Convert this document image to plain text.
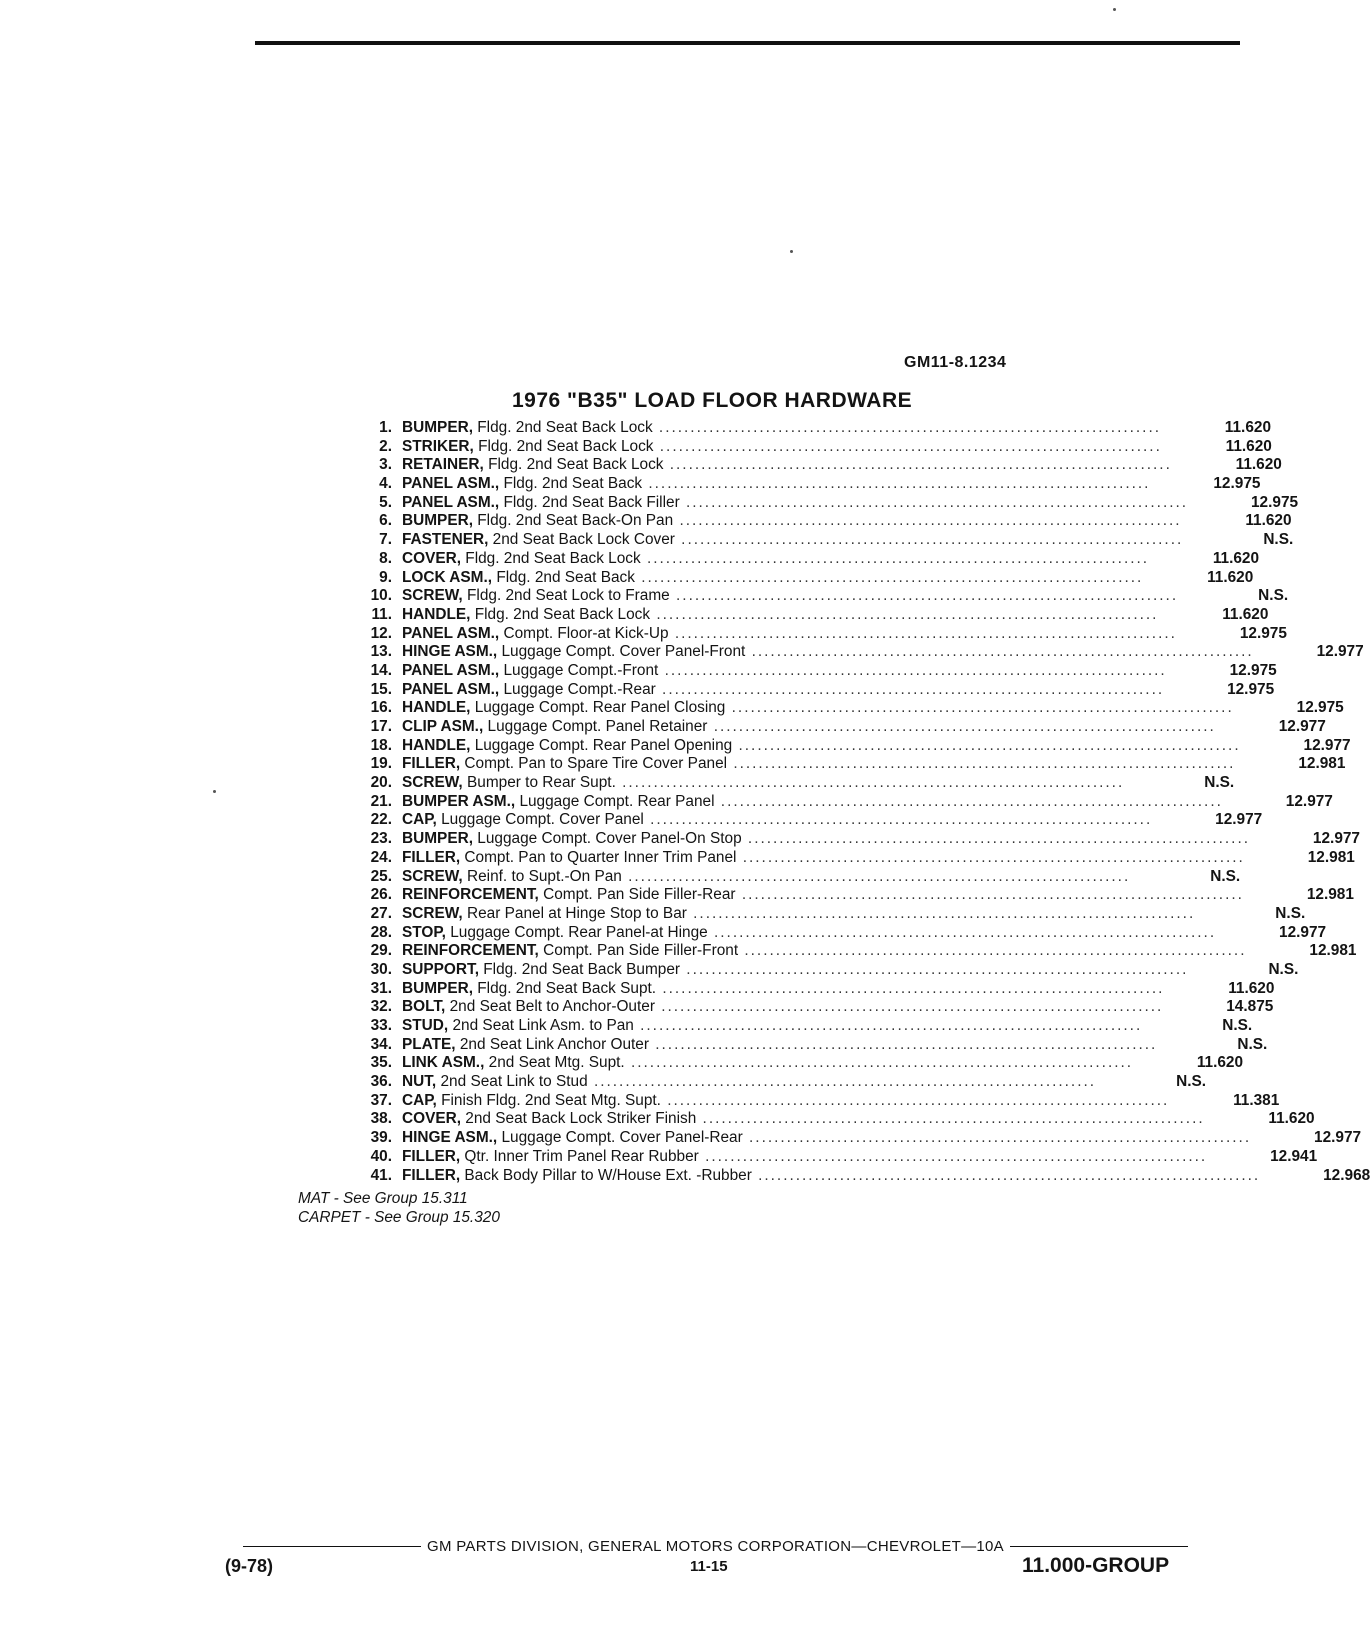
GM11-8.1234
1976 "B35" LOAD FLOOR HARDWARE
1. BUMPER, Fldg. 2nd Seat Back Lock ................................................................................	11.620
2. STRIKER, Fldg. 2nd Seat Back Lock ................................................................................	11.620
3. RETAINER, Fldg. 2nd Seat Back Lock ................................................................................	11.620
4. PANEL ASM., Fldg. 2nd Seat Back ................................................................................	12.975
5. PANEL ASM., Fldg. 2nd Seat Back Filler ................................................................................	12.975
6. BUMPER, Fldg. 2nd Seat Back-On Pan ................................................................................	11.620
7. FASTENER, 2nd Seat Back Lock Cover ................................................................................	N.S.
8. COVER, Fldg. 2nd Seat Back Lock ................................................................................	11.620
9. LOCK ASM., Fldg. 2nd Seat Back ................................................................................	11.620
10. SCREW, Fldg. 2nd Seat Lock to Frame ................................................................................	N.S.
11. HANDLE, Fldg. 2nd Seat Back Lock ................................................................................	11.620
12. PANEL ASM., Compt. Floor-at Kick-Up ................................................................................	12.975
13. HINGE ASM., Luggage Compt. Cover Panel-Front ................................................................................	12.977
14. PANEL ASM., Luggage Compt.-Front ................................................................................	12.975
15. PANEL ASM., Luggage Compt.-Rear ................................................................................	12.975
16. HANDLE, Luggage Compt. Rear Panel Closing ................................................................................	12.975
17. CLIP ASM., Luggage Compt. Panel Retainer ................................................................................	12.977
18. HANDLE, Luggage Compt. Rear Panel Opening ................................................................................	12.977
19. FILLER, Compt. Pan to Spare Tire Cover Panel ................................................................................	12.981
20. SCREW, Bumper to Rear Supt. ................................................................................	N.S.
21. BUMPER ASM., Luggage Compt. Rear Panel ................................................................................	12.977
22. CAP, Luggage Compt. Cover Panel ................................................................................	12.977
23. BUMPER, Luggage Compt. Cover Panel-On Stop ................................................................................	12.977
24. FILLER, Compt. Pan to Quarter Inner Trim Panel ................................................................................	12.981
25. SCREW, Reinf. to Supt.-On Pan ................................................................................	N.S.
26. REINFORCEMENT, Compt. Pan Side Filler-Rear ................................................................................	12.981
27. SCREW, Rear Panel at Hinge Stop to Bar ................................................................................	N.S.
28. STOP, Luggage Compt. Rear Panel-at Hinge ................................................................................	12.977
29. REINFORCEMENT, Compt. Pan Side Filler-Front ................................................................................	12.981
30. SUPPORT, Fldg. 2nd Seat Back Bumper ................................................................................	N.S.
31. BUMPER, Fldg. 2nd Seat Back Supt. ................................................................................	11.620
32. BOLT, 2nd Seat Belt to Anchor-Outer ................................................................................	14.875
33. STUD, 2nd Seat Link Asm. to Pan ................................................................................	N.S.
34. PLATE, 2nd Seat Link Anchor Outer ................................................................................	N.S.
35. LINK ASM., 2nd Seat Mtg. Supt. ................................................................................	11.620
36. NUT, 2nd Seat Link to Stud ................................................................................	N.S.
37. CAP, Finish Fldg. 2nd Seat Mtg. Supt. ................................................................................	11.381
38. COVER, 2nd Seat Back Lock Striker Finish ................................................................................	11.620
39. HINGE ASM., Luggage Compt. Cover Panel-Rear ................................................................................	12.977
40. FILLER, Qtr. Inner Trim Panel Rear Rubber ................................................................................	12.941
41. FILLER, Back Body Pillar to W/House Ext. -Rubber ................................................................................	12.968
MAT - See Group 15.311
CARPET - See Group 15.320
GM PARTS DIVISION, GENERAL MOTORS CORPORATION—CHEVROLET—10A
(9-78)	11-15	11.000-GROUP
